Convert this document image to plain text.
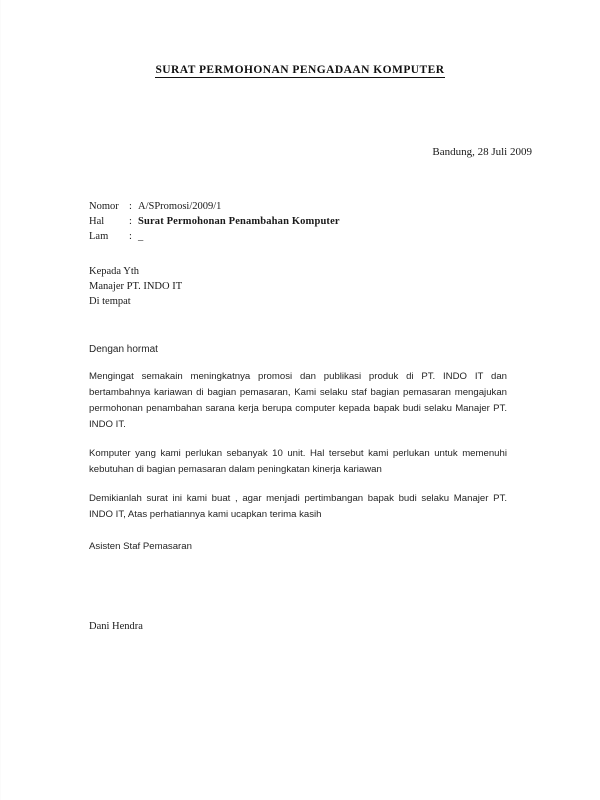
SURAT PERMOHONAN PENGADAAN KOMPUTER
Bandung, 28 Juli 2009
Nomor : A/SPromosi/2009/1
Hal	: Surat Permohonan Penambahan Komputer
Lam	: _
Kepada Yth
Manajer PT. INDO IT
Di tempat
Dengan hormat

Mengingat semakain meningkatnya promosi dan publikasi produk di PT. INDO IT dan bertambahnya kariawan di bagian pemasaran, Kami selaku staf bagian pemasaran mengajukan permohonan penambahan sarana kerja berupa computer kepada bapak budi selaku Manajer PT. INDO IT.

Komputer yang kami perlukan sebanyak 10 unit. Hal tersebut kami perlukan untuk memenuhi kebutuhan di bagian pemasaran dalam peningkatan kinerja kariawan

Demikianlah surat ini kami buat , agar menjadi pertimbangan bapak budi selaku Manajer PT. INDO IT, Atas perhatiannya kami ucapkan terima kasih

Asisten Staf Pemasaran
Dani Hendra
